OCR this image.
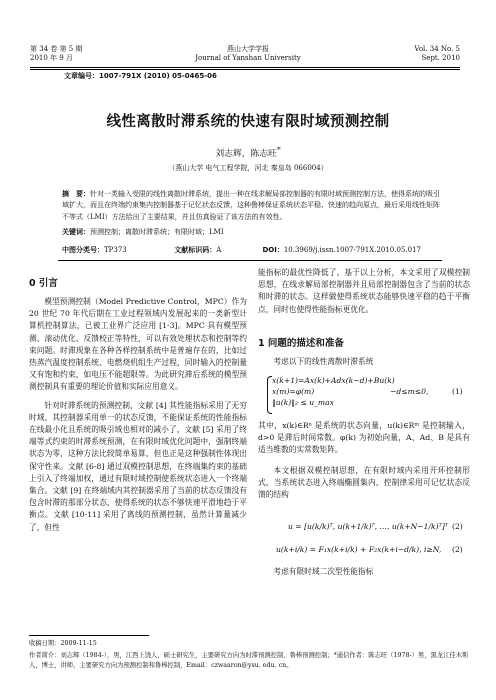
第 34 卷 第 5 期
2010 年 9 月
燕山大学学报
Journal of Yanshan University
Vol. 34 No. 5
Sept. 2010
文章编号：1007-791X (2010) 05-0465-06
线性离散时滞系统的快速有限时域预测控制
刘志辉，陈志旺*
（燕山大学 电气工程学院，河北 秦皇岛 066004）
摘　要：针对一类输入受限的线性离散时滞系统，提出一种在线求解局部控制器的有限时域预测控制方法，使得系统的吸引域扩大，而且在终端约束集内控制器基于记忆状态反馈，这种鲁棒保证系统状态平稳、快速的趋向原点，最后采用线性矩阵不等式（LMI）方法给出了主要结果，并且仿真验证了该方法的有效性。
关键词：预测控制；离散时滞系统；有限时域；LMI
中图分类号：TP373	文献标识码：A	DOI：10.3969/j.issn.1007-791X.2010.05.017
0 引言

模型预测控制（Model Predictive Control，MPC）作为 20 世纪 70 年代后期在工业过程领域内发展起来的一类新型计算机控制算法，已被工业界广泛应用 [1-3]。MPC 具有模型预测、滚动优化、反馈校正等特性，可以有效处理状态和控制等约束问题。时滞现象在各种各样控制系统中是普遍存在的，比如过热蒸汽温度控制系统、电燃烧机组生产过程，同时输入的控制量又有饱和约束，如电压不能超限等。为此研究滞后系统的模型预测控制具有重要的理论价值和实际应用意义。

针对时滞系统的预测控制，文献 [4] 其性能指标采用了无穷时域，其控制器采用单一的状态反馈，不能保证系统的性能指标在线最小化且系统的吸引域也相对的减小了，文献 [5] 采用了终端等式约束的时滞系统预测，在有限时域优化问题中，强制终端状态为零，这种方法比较简单易算，但也正是这种强制性体现出保守性来。文献 [6-8] 通过双模控制思想，在终端集约束的基础上引入了终端加权，通过有限时域控制使系统状态进入一个终端集合。文献 [9] 在终端域内其控制器采用了当前的状态反馈没有包含时滞的那部分状态，使得系统的状态不够快速平滑地趋于平衡点。文献 [10-11] 采用了离线的预测控制，虽然计算量减少了，但性

能指标的最优性降低了。基于以上分析，本文采用了双模控制思想，在线求解局部控制器并且局部控制器包含了当前的状态和时滞的状态。这样做使得系统状态能够快速平稳的趋于平衡点，同时也使得性能指标更优化。

1 问题的描述和准备

考虑以下的线性离散时滞系统

x(k+1)=Ax(k)+Adx(k−d)+Bu(k)
x(m)=φ(m)	−d≤m≤0,	(1)
‖u(k)‖₂ ≤ u_max

其中，x(k)∈Rⁿ 是系统的状态向量，u(k)∈Rᵐ 是控制输入，d>0 是滞后时间常数。φ(k) 为初始向量，A、Ad、B 是具有适当维数的实常数矩阵。

本文根据双模控制思想，在有限时域内采用开环控制形式，当系统状态进入终端椭圆集内，控制律采用可记忆状态反馈的结构

u = [u(k/k)ᵀ, u(k+1/k)ᵀ, …, u(k+N−1/k)ᵀ]ᵀ (2)
u(k+i/k) = F₁x(k+i/k) + F₂x(k+i−d/k), i≥N, (2)

考虑有限时域二次型性能指标

收稿日期：2009-11-15
作者简介：刘志辉（1984-），男，江西上饶人，硕士研究生，主要研究方向为时滞预测控制、鲁棒预测控制；*通信作者：陈志旺（1978-）男，黑龙江佳木斯人，博士，讲师，主要研究方向为预测控制和鲁棒控制，Email：czwaaron@ysu. edu. cn。
